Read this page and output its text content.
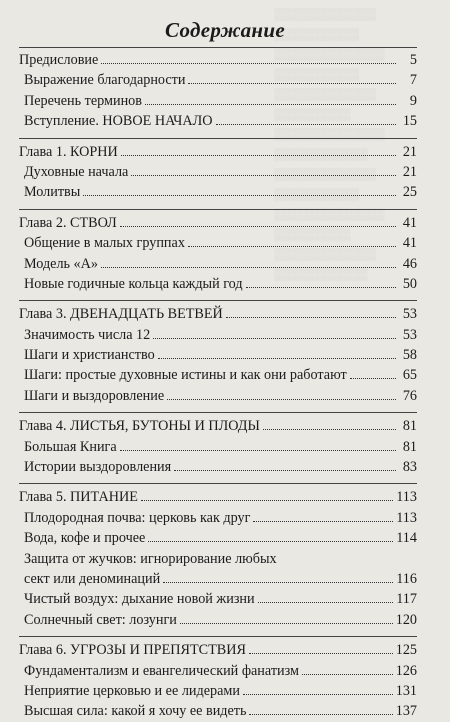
▒▒▒▒▒▒▒▒▒▒▒▒
▒▒▒▒▒▒▒▒▒▒
▒▒▒▒▒▒▒▒▒▒▒▒▒
▒▒▒▒▒▒▒▒▒▒
▒▒▒▒▒▒▒▒▒▒▒▒
▒▒▒▒▒▒▒▒▒
▒▒▒▒▒▒▒▒▒▒▒▒▒
▒▒▒▒▒▒▒▒▒▒▒
▒▒▒▒▒▒▒▒▒▒▒▒
▒▒▒▒▒▒▒▒▒▒
▒▒▒▒▒▒▒▒▒▒▒▒▒
▒▒▒▒▒▒▒▒▒
▒▒▒▒▒▒▒▒▒▒▒▒
▒▒▒▒▒▒▒▒▒▒▒
Содержание
Предисловие	5
Выражение благодарности	7
Перечень терминов	9
Вступление. НОВОЕ НАЧАЛО	15
Глава 1. КОРНИ	21
Духовные начала	21
Молитвы	25
Глава 2. СТВОЛ	41
Общение в малых группах	41
Модель «А»	46
Новые годичные кольца каждый год	50
Глава 3. ДВЕНАДЦАТЬ ВЕТВЕЙ	53
Значимость числа 12	53
Шаги и христианство	58
Шаги: простые духовные истины и как они работают	65
Шаги и выздоровление	76
Глава 4. ЛИСТЬЯ, БУТОНЫ И ПЛОДЫ	81
Большая Книга	81
Истории выздоровления	83
Глава 5. ПИТАНИЕ	113
Плодородная почва: церковь как друг	113
Вода, кофе и прочее	114
Защита от жучков: игнорирование любых
сект или деноминаций	116
Чистый воздух: дыхание новой жизни	117
Солнечный свет: лозунги	120
Глава 6. УГРОЗЫ И ПРЕПЯТСТВИЯ	125
Фундаментализм и евангелический фанатизм	126
Неприятие церковью и ее лидерами	131
Высшая сила: какой я хочу ее видеть	137
